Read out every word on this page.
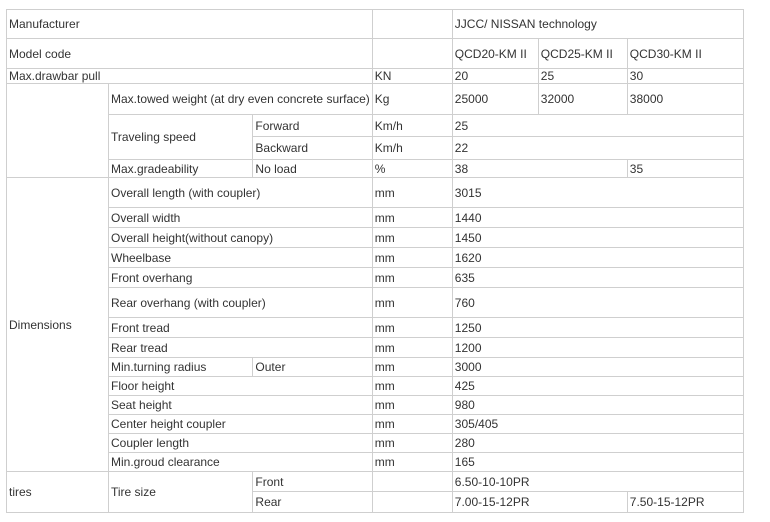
Manufacturer				JJCC/ NISSAN technology		
Model code				QCD20-KM II	QCD25-KM II	QCD30-KM II
Max.drawbar pull			KN	20	25	30
	Max.towed weight (at dry even concrete surface)		Kg	25000	32000	38000
	Traveling speed	Forward	Km/h	25		
		Backward	Km/h	22		
	Max.gradeability	No load	%	38		35
Dimensions	Overall length (with coupler)		mm	3015		
	Overall width		mm	1440		
	Overall height(without canopy)		mm	1450		
	Wheelbase		mm	1620		
	Front overhang		mm	635		
	Rear overhang (with coupler)		mm	760		
	Front tread		mm	1250		
	Rear tread		mm	1200		
	Min.turning radius	Outer	mm	3000		
	Floor height		mm	425		
	Seat height		mm	980		
	Center height coupler		mm	305/405		
	Coupler length		mm	280		
	Min.groud clearance		mm	165		
tires	Tire size	Front		6.50-10-10PR		
		Rear		7.00-15-12PR		7.50-15-12PR
